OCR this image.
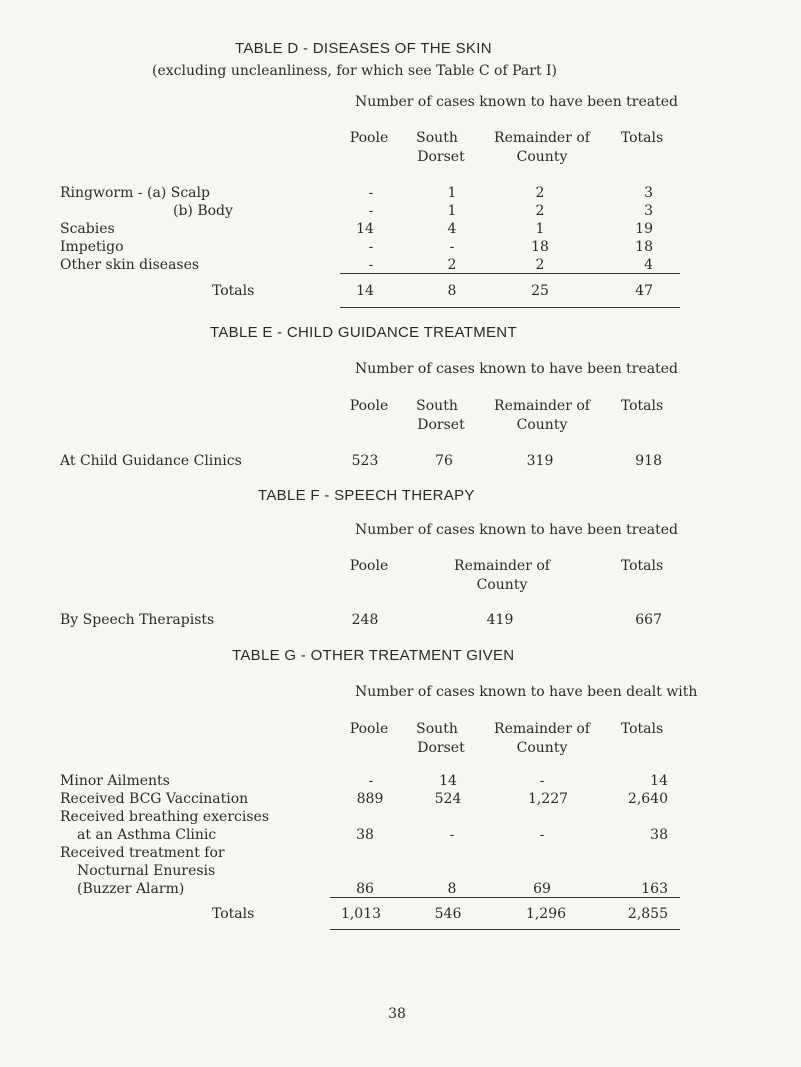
TABLE D - DISEASES OF THE SKIN
(excluding uncleanliness, for which see Table C of Part I)
Number of cases known to have been treated
Poole South	Remainder of Totals
Dorset	County
Ringworm - (a) Scalp	-	1	2	3
(b) Body	-	1	2	3
Scabies	14	4	1	19
Impetigo	-	-	18	18
Other skin diseases	-	2	2	4
Totals	14	8	25	47
TABLE E - CHILD GUIDANCE TREATMENT
Number of cases known to have been treated
Poole South	Remainder of Totals
Dorset	County
At Child Guidance Clinics	523	76	319	918
TABLE F - SPEECH THERAPY
Number of cases known to have been treated
Poole	Remainder of	Totals
County
By Speech Therapists	248	419	667
TABLE G - OTHER TREATMENT GIVEN
Number of cases known to have been dealt with
Poole South	Remainder of Totals
Dorset	County
Minor Ailments	-	14	-	14
Received BCG Vaccination	889	524	1,227	2,640
Received breathing exercises
at an Asthma Clinic	38	-	-	38
Received treatment for
Nocturnal Enuresis
(Buzzer Alarm)	86	8	69	163
Totals	1,013	546	1,296	2,855
38
